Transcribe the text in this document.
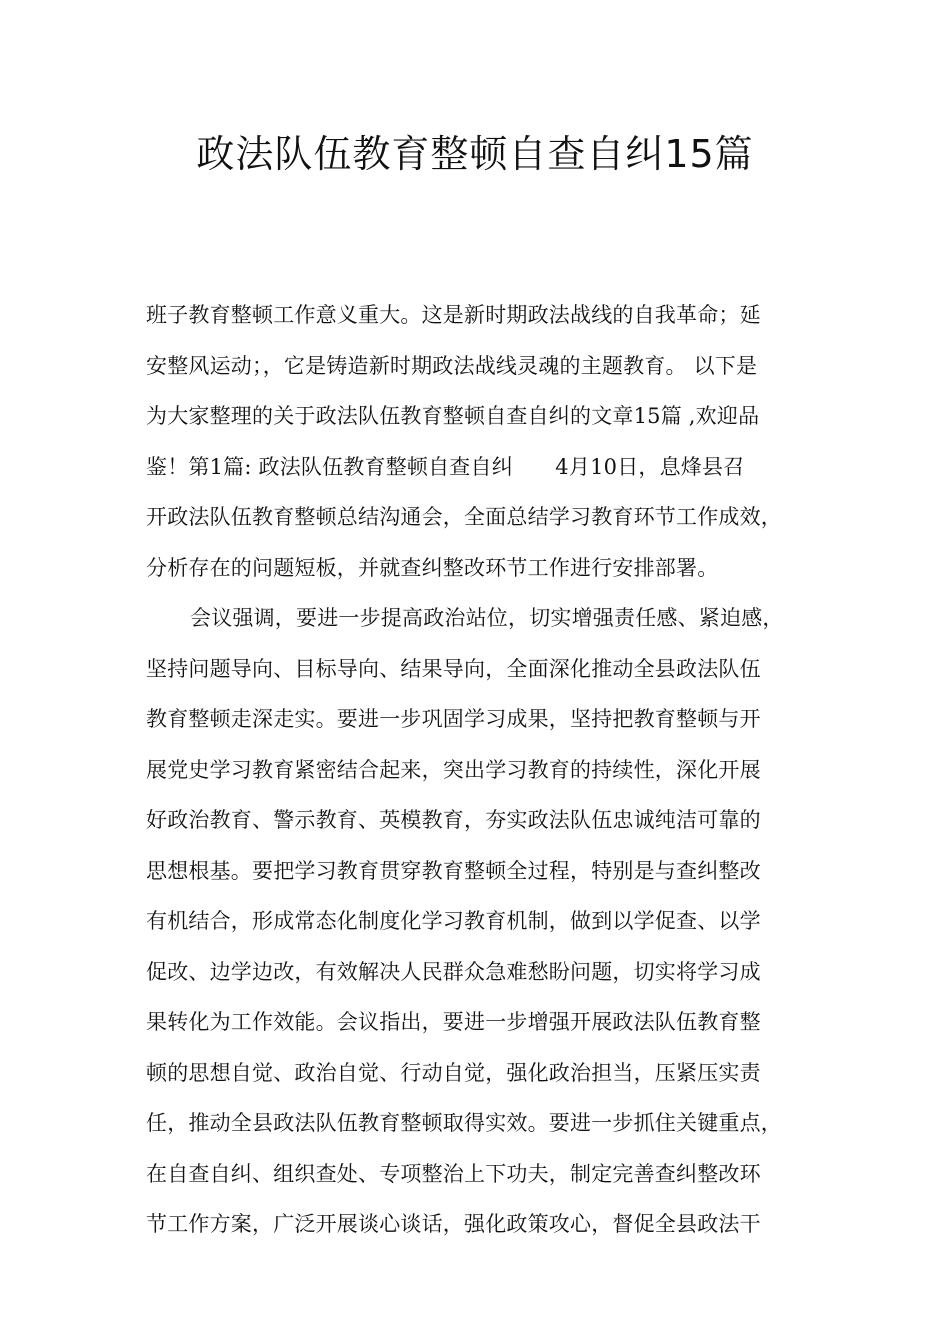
政法队伍教育整顿自查自纠15篇
班子教育整顿工作意义重大。这是新时期政法战线的自我革命；延
安整风运动；，它是铸造新时期政法战线灵魂的主题教育。 以下是
为大家整理的关于政法队伍教育整顿自查自纠的文章15篇 ,欢迎品
鉴！第1篇: 政法队伍教育整顿自查自纠　　4月10日，息烽县召
开政法队伍教育整顿总结沟通会，全面总结学习教育环节工作成效，
分析存在的问题短板，并就查纠整改环节工作进行安排部署。
会议强调，要进一步提高政治站位，切实增强责任感、紧迫感，
坚持问题导向、目标导向、结果导向，全面深化推动全县政法队伍
教育整顿走深走实。要进一步巩固学习成果，坚持把教育整顿与开
展党史学习教育紧密结合起来，突出学习教育的持续性，深化开展
好政治教育、警示教育、英模教育，夯实政法队伍忠诚纯洁可靠的
思想根基。要把学习教育贯穿教育整顿全过程，特别是与查纠整改
有机结合，形成常态化制度化学习教育机制，做到以学促查、以学
促改、边学边改，有效解决人民群众急难愁盼问题，切实将学习成
果转化为工作效能。会议指出，要进一步增强开展政法队伍教育整
顿的思想自觉、政治自觉、行动自觉，强化政治担当，压紧压实责
任，推动全县政法队伍教育整顿取得实效。要进一步抓住关键重点，
在自查自纠、组织查处、专项整治上下功夫，制定完善查纠整改环
节工作方案，广泛开展谈心谈话，强化政策攻心，督促全县政法干
